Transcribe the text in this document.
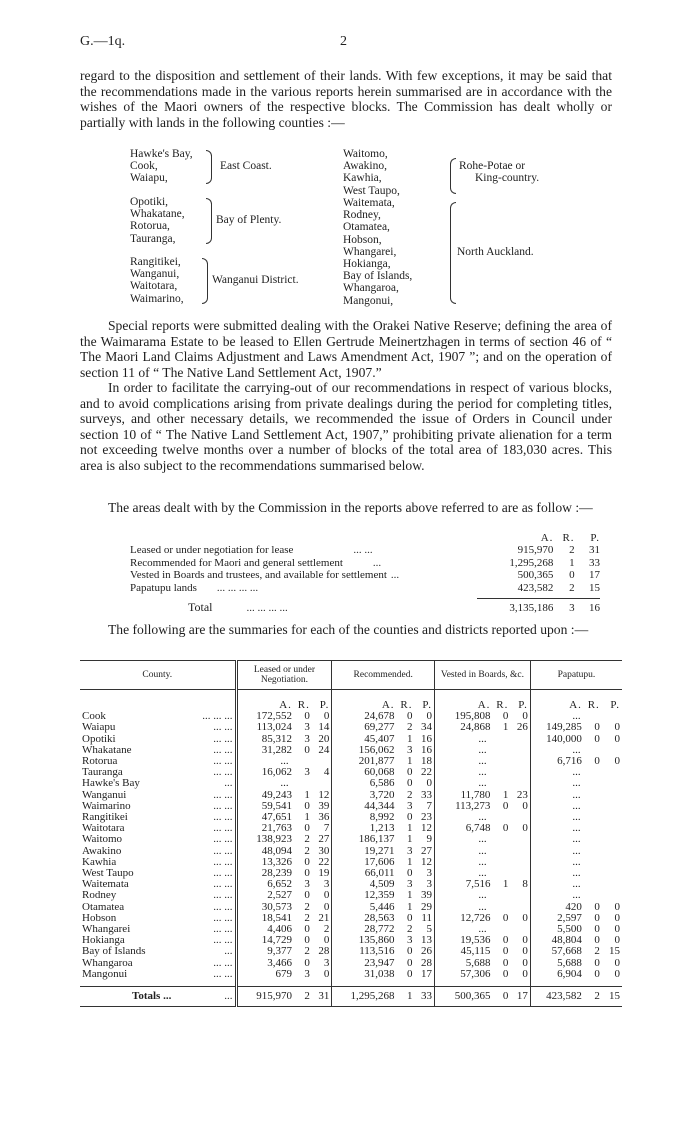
G.—1q.	2

regard to the disposition and settlement of their lands. With few exceptions, it may be said that the recommendations made in the various reports herein summarised are in accordance with the wishes of the Maori owners of the respective blocks. The Commission has dealt wholly or partially with lands in the following counties :—

Hawke's Bay,
Cook,
Waiapu,
East Coast.
Opotiki,
Whakatane,
Rotorua,
Tauranga,
Bay of Plenty.
Rangitikei,
Wanganui,
Waitotara,
Waimarino,
Wanganui District.
Waitomo,
Awakino,
Kawhia,
West Taupo,
Rohe-Potae or
King-country.
Waitemata,
Rodney,
Otamatea,
Hobson,
Whangarei,
Hokianga,
Bay of Islands,
Whangaroa,
Mangonui,
North Auckland.

Special reports were submitted dealing with the Orakei Native Reserve; defining the area of the Waimarama Estate to be leased to Ellen Gertrude Meinertzhagen in terms of section 46 of “ The Maori Land Claims Adjustment and Laws Amendment Act, 1907 ”; and on the operation of section 11 of “ The Native Land Settlement Act, 1907.”

In order to facilitate the carrying-out of our recommendations in respect of various blocks, and to avoid complications arising from private dealings during the period for completing titles, surveys, and other necessary details, we recommended the issue of Orders in Council under section 10 of “ The Native Land Settlement Act, 1907,” prohibiting private alienation for a term not exceeding twelve months over a number of blocks of the total area of 183,030 acres. This area is also subject to the recommendations summarised below.

The areas dealt with by the Commission in the reports above referred to are as follow :—

	A.	R.	P.
Leased or under negotiation for lease ... ...	915,970	2	31
Recommended for Maori and general settlement ...	1,295,268	1	33
Vested in Boards and trustees, and available for settlement ...	500,365	0	17
Papatupu lands ... ... ... ...	423,582	2	15

Total ... ... ... ...	3,135,186	3	16

The following are the summaries for each of the counties and districts reported upon :—

County.	Leased or under Negotiation.			Recommended.			Vested in Boards, &c.			Papatupu.		
	A.	R.	P.	A.	R.	P.	A.	R.	P.	A.	R.	P.
Cook ... ... ...	172,552	0	0	24,678	0	0	195,808	0	0	...		
Waiapu ... ...	113,024	3	14	69,277	2	34	24,868	1	26	149,285	0	0
Opotiki ... ...	85,312	3	20	45,407	1	16	...			140,000	0	0
Whakatane ... ...	31,282	0	24	156,062	3	16	...			...		
Rotorua ... ...	...			201,877	1	18	...			6,716	0	0
Tauranga ... ...	16,062	3	4	60,068	0	22	...			...		
Hawke's Bay ...	...			6,586	0	0	...			...		
Wanganui ... ...	49,243	1	12	3,720	2	33	11,780	1	23	...		
Waimarino ... ...	59,541	0	39	44,344	3	7	113,273	0	0	...		
Rangitikei ... ...	47,651	1	36	8,992	0	23	...			...		
Waitotara ... ...	21,763	0	7	1,213	1	12	6,748	0	0	...		
Waitomo ... ...	138,923	2	27	186,137	1	9	...			...		
Awakino ... ...	48,094	2	30	19,271	3	27	...			...		
Kawhia ... ...	13,326	0	22	17,606	1	12	...			...		
West Taupo ... ...	28,239	0	19	66,011	0	3	...			...		
Waitemata ... ...	6,652	3	3	4,509	3	3	7,516	1	8	...		
Rodney ... ...	2,527	0	0	12,359	1	39	...			...		
Otamatea ... ...	30,573	2	0	5,446	1	29	...			420	0	0
Hobson ... ...	18,541	2	21	28,563	0	11	12,726	0	0	2,597	0	0
Whangarei ... ...	4,406	0	2	28,772	2	5	...			5,500	0	0
Hokianga ... ...	14,729	0	0	135,860	3	13	19,536	0	0	48,804	0	0
Bay of Islands ...	9,377	2	28	113,516	0	26	45,115	0	0	57,668	2	15
Whangaroa ... ...	3,466	0	3	23,947	0	28	5,688	0	0	5,688	0	0
Mangonui ... ...	679	3	0	31,038	0	17	57,306	0	0	6,904	0	0

Totals ... ...	915,970	2	31	1,295,268	1	33	500,365	0	17	423,582	2	15
